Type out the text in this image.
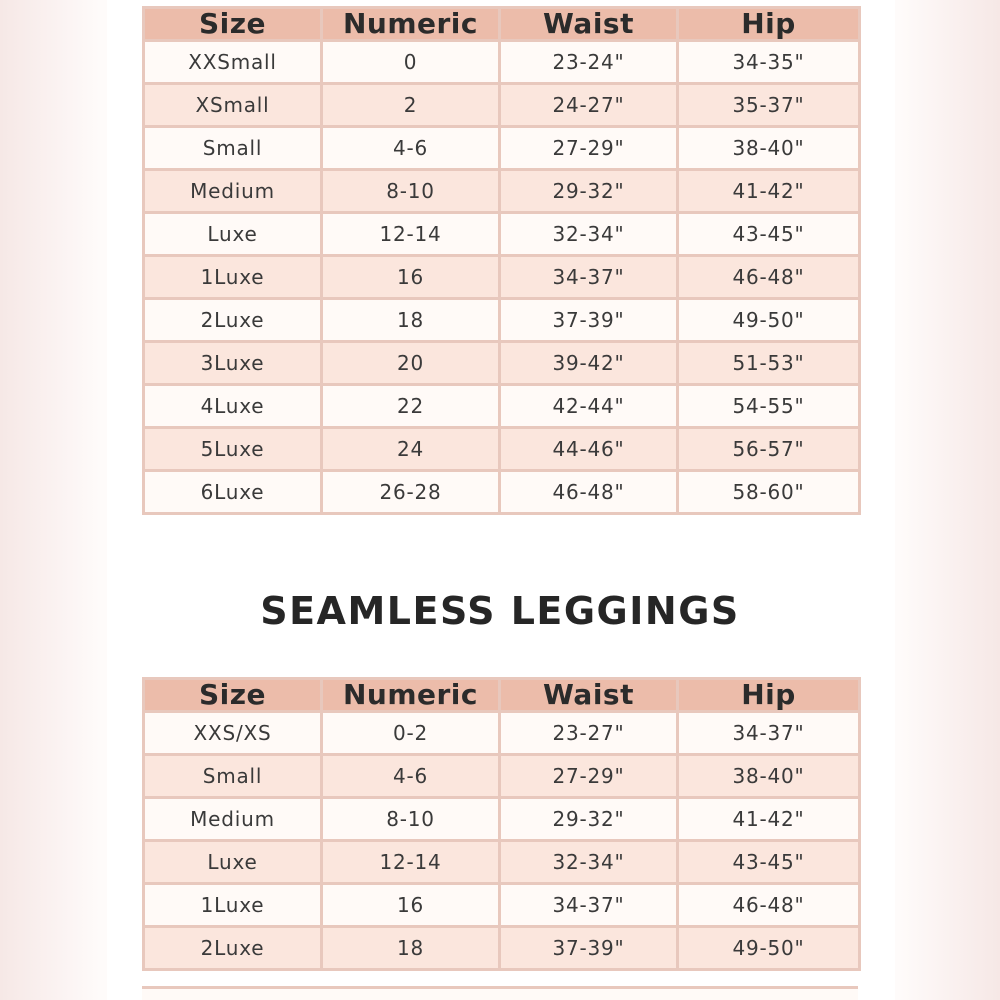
Size	Numeric	Waist	Hip
XXSmall	0	23-24"	34-35"
XSmall	2	24-27"	35-37"
Small	4-6	27-29"	38-40"
Medium	8-10	29-32"	41-42"
Luxe	12-14	32-34"	43-45"
1Luxe	16	34-37"	46-48"
2Luxe	18	37-39"	49-50"
3Luxe	20	39-42"	51-53"
4Luxe	22	42-44"	54-55"
5Luxe	24	44-46"	56-57"
6Luxe	26-28	46-48"	58-60"
SEAMLESS LEGGINGS
Size	Numeric	Waist	Hip
XXS/XS	0-2	23-27"	34-37"
Small	4-6	27-29"	38-40"
Medium	8-10	29-32"	41-42"
Luxe	12-14	32-34"	43-45"
1Luxe	16	34-37"	46-48"
2Luxe	18	37-39"	49-50"
